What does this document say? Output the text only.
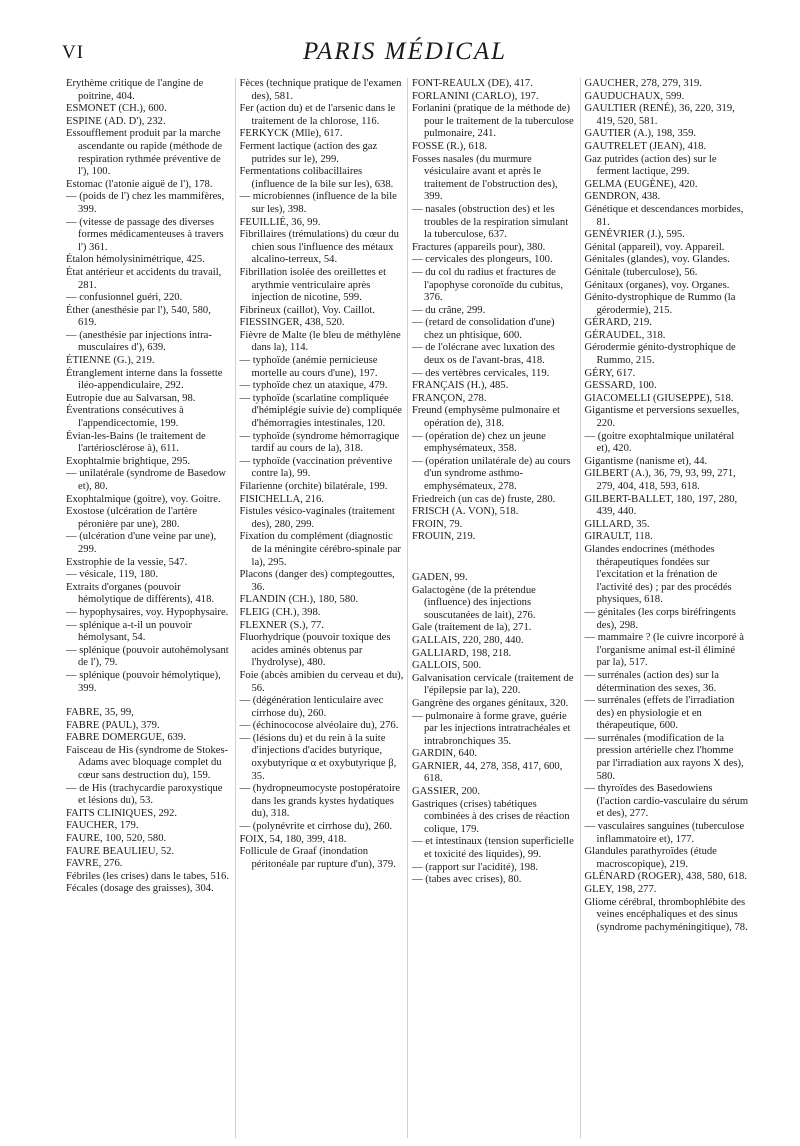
VI	PARIS MÉDICAL

Érythème critique de l'angine de poitrine, 404.

ESMONET (CH.), 600.

ESPINE (AD. D'), 232.

Essoufflement produit par la marche ascendante ou rapide (méthode de respiration rythmée préventive de l'), 100.

Estomac (l'atonie aiguë de l'), 178.

— (poids de l') chez les mammifères, 399.

— (vitesse de passage des diverses formes médicamenteuses à travers l') 361.

Étalon hémolysinimétrique, 425.

État antérieur et accidents du travail, 281.

— confusionnel guéri, 220.

Éther (anesthésie par l'), 540, 580, 619.

— (anesthésie par injections intra-musculaires d'), 639.

ÉTIENNE (G.), 219.

Étranglement interne dans la fossette iléo-appendiculaire, 292.

Eutropie due au Salvarsan, 98.

Éventrations consécutives à l'appendicectomie, 199.

Évian-les-Bains (le traitement de l'artériosclérose à), 611.

Exophtalmie brightique, 295.

— unilatérale (syndrome de Basedow et), 80.

Exophtalmique (goitre), voy. Goitre.

Exostose (ulcération de l'artère péronière par une), 280.

— (ulcération d'une veine par une), 299.

Exstrophie de la vessie, 547.

— vésicale, 119, 180.

Extraits d'organes (pouvoir hémolytique de différents), 418.

— hypophysaires, voy. Hypophysaire.

— splénique a-t-il un pouvoir hémolysant, 54.

— splénique (pouvoir autohémolysant de l'), 79.

— splénique (pouvoir hémolytique), 399.

FABRE, 35, 99,

FABRE (PAUL), 379.

FABRE DOMERGUE, 639.

Faisceau de His (syndrome de Stokes-Adams avec bloquage complet du cœur sans destruction du), 159.

— de His (trachycardie paroxystique et lésions du), 53.

FAITS CLINIQUES, 292.

FAUCHER, 179.

FAURE, 100, 520, 580.

FAURE BEAULIEU, 52.

FAVRE, 276.

Fébriles (les crises) dans le tabes, 516.

Fécales (dosage des graisses), 304.

Fèces (technique pratique de l'examen des), 581.

Fer (action du) et de l'arsenic dans le traitement de la chlorose, 116.

FERKYCK (Mlle), 617.

Ferment lactique (action des gaz putrides sur le), 299.

Fermentations colibacillaires (influence de la bile sur les), 638.

— microbiennes (influence de la bile sur les), 398.

FEUILLIÉ, 36, 99.

Fibrillaires (trémulations) du cœur du chien sous l'influence des métaux alcalino-terreux, 54.

Fibrillation isolée des oreillettes et arythmie ventriculaire après injection de nicotine, 599.

Fibrineux (caillot), Voy. Caillot.

FIESSINGER, 438, 520.

Fièvre de Malte (le bleu de méthylène dans la), 114.

— typhoïde (anémie pernicieuse mortelle au cours d'une), 197.

— typhoïde chez un ataxique, 479.

— typhoïde (scarlatine compliquée d'hémiplégie suivie de) compliquée d'hémorragies intestinales, 120.

— typhoïde (syndrome hémorragique tardif au cours de la), 318.

— typhoïde (vaccination préventive contre la), 99.

Filarienne (orchite) bilatérale, 199.

FISICHELLA, 216.

Fistules vésico-vaginales (traitement des), 280, 299.

Fixation du complément (diagnostic de la méningite cérébro-spinale par la), 295.

Placons (danger des) comptegouttes, 36.

FLANDIN (CH.), 180, 580.

FLEIG (CH.), 398.

FLEXNER (S.), 77.

Fluorhydrique (pouvoir toxique des acides aminés obtenus par l'hydrolyse), 480.

Foie (abcès amibien du cerveau et du), 56.

— (dégénération lenticulaire avec cirrhose du), 260.

— (échinococose alvéolaire du), 276.

— (lésions du) et du rein à la suite d'injections d'acides butyrique, oxybutyrique α et oxybutyrique β, 35.

— (hydropneumocyste postopératoire dans les grands kystes hydatiques du), 318.

— (polynévrite et cirrhose du), 260.

FOIX, 54, 180, 399, 418.

Follicule de Graaf (inondation péritonéale par rupture d'un), 379.

FONT-RÉAULX (DE), 417.

FORLANINI (CARLO), 197.

Forlanini (pratique de la méthode de) pour le traitement de la tuberculose pulmonaire, 241.

FOSSE (R.), 618.

Fosses nasales (du murmure vésiculaire avant et après le traitement de l'obstruction des), 399.

— nasales (obstruction des) et les troubles de la respiration simulant la tuberculose, 637.

Fractures (appareils pour), 380.

— cervicales des plongeurs, 100.

— du col du radius et fractures de l'apophyse coronoïde du cubitus, 376.

— du crâne, 299.

— (retard de consolidation d'une) chez un phtisique, 600.

— de l'olécrane avec luxation des deux os de l'avant-bras, 418.

— des vertèbres cervicales, 119.

FRANÇAIS (H.), 485.

FRANÇON, 278.

Freund (emphysème pulmonaire et opération de), 318.

— (opération de) chez un jeune emphysémateux, 358.

— (opération unilatérale de) au cours d'un syndrome asthmo-emphysémateux, 278.

Friedreich (un cas de) fruste, 280.

FRISCH (A. VON), 518.

FROIN, 79.

FROUIN, 219.

GADEN, 99.

Galactogène (de la prétendue (influence) des injections souscutanées de lait), 276.

Gale (traitement de la), 271.

GALLAIS, 220, 280, 440.

GALLIARD, 198, 218.

GALLOIS, 500.

Galvanisation cervicale (traitement de l'épilepsie par la), 220.

Gangrène des organes génitaux, 320.

— pulmonaire à forme grave, guérie par les injections intratrachéales et intrabronchiques 35.

GARDIN, 640.

GARNIER, 44, 278, 358, 417, 600, 618.

GASSIER, 200.

Gastriques (crises) tabétiques combinées à des crises de réaction colique, 179.

— et intestinaux (tension superficielle et toxicité des liquides), 99.

— (rapport sur l'acidité), 198.

— (tabes avec crises), 80.

GAUCHER, 278, 279, 319.

GAUDUCHAUX, 599.

GAULTIER (RENÉ), 36, 220, 319, 419, 520, 581.

GAUTIER (A.), 198, 359.

GAUTRELET (JEAN), 418.

Gaz putrides (action des) sur le ferment lactique, 299.

GELMA (EUGÈNE), 420.

GENDRON, 438.

Génétique et descendances morbides, 81.

GENÉVRIER (J.), 595.

Génital (appareil), voy. Appareil.

Génitales (glandes), voy. Glandes.

Génitale (tuberculose), 56.

Génitaux (organes), voy. Organes.

Génito-dystrophique de Rummo (la gérodermie), 215.

GÉRARD, 219.

GÉRAUDEL, 318.

Gérodermie génito-dystrophique de Rummo, 215.

GÉRY, 617.

GESSARD, 100.

GIACOMELLI (GIUSEPPE), 518.

Gigantisme et perversions sexuelles, 220.

— (goitre exophtalmique unilatéral et), 420.

Gigantisme (nanisme et), 44.

GILBERT (A.), 36, 79, 93, 99, 271, 279, 404, 418, 593, 618.

GILBERT-BALLET, 180, 197, 280, 439, 440.

GILLARD, 35.

GIRAULT, 118.

Glandes endocrines (méthodes thérapeutiques fondées sur l'excitation et la frénation de l'activité des) ; par des procédés physiques, 618.

— génitales (les corps biréfringents des), 298.

— mammaire ? (le cuivre incorporé à l'organisme animal est-il éliminé par la), 517.

— surrénales (action des) sur la détermination des sexes, 36.

— surrénales (effets de l'irradiation des) en physiologie et en thérapeutique, 600.

— surrénales (modification de la pression artérielle chez l'homme par l'irradiation aux rayons X des), 580.

— thyroïdes des Basedowiens (l'action cardio-vasculaire du sérum et des), 277.

— vasculaires sanguines (tuberculose inflammatoire et), 177.

Glandules parathyroïdes (étude macroscopique), 219.

GLÉNARD (ROGER), 438, 580, 618.

GLEY, 198, 277.

Gliome cérébral, thrombophlébite des veines encéphaliques et des sinus (syndrome pachyméningitique), 78.
